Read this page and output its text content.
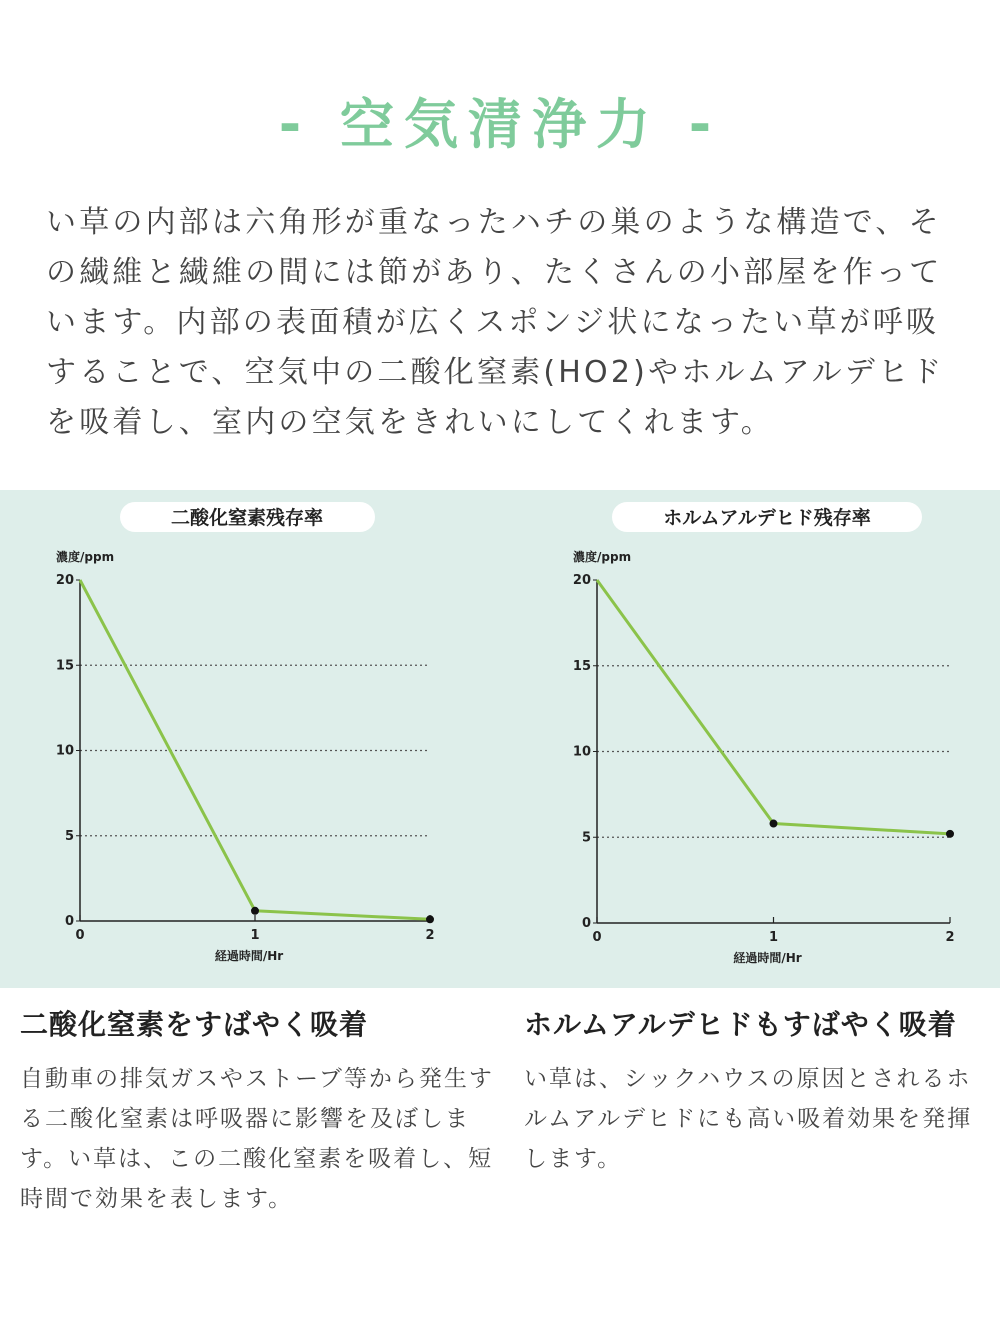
- 空気清浄力 -

い草の内部は六角形が重なったハチの巣のような構造で、その繊維と繊維の間には節があり、たくさんの小部屋を作っています。内部の表面積が広くスポンジ状になったい草が呼吸することで、空気中の二酸化窒素(HO2)やホルムアルデヒドを吸着し、室内の空気をきれいにしてくれます。

二酸化窒素残存率
濃度/ppm
0
5
10
15
20
0	1	2
経過時間/Hr
ホルムアルデヒド残存率
濃度/ppm
0
5
10
15
20
0	1	2
経過時間/Hr
二酸化窒素をすばやく吸着

自動車の排気ガスやストーブ等から発生する二酸化窒素は呼吸器に影響を及ぼします。い草は、この二酸化窒素を吸着し、短時間で効果を表します。

ホルムアルデヒドもすばやく吸着

い草は、シックハウスの原因とされるホルムアルデヒドにも高い吸着効果を発揮します。
